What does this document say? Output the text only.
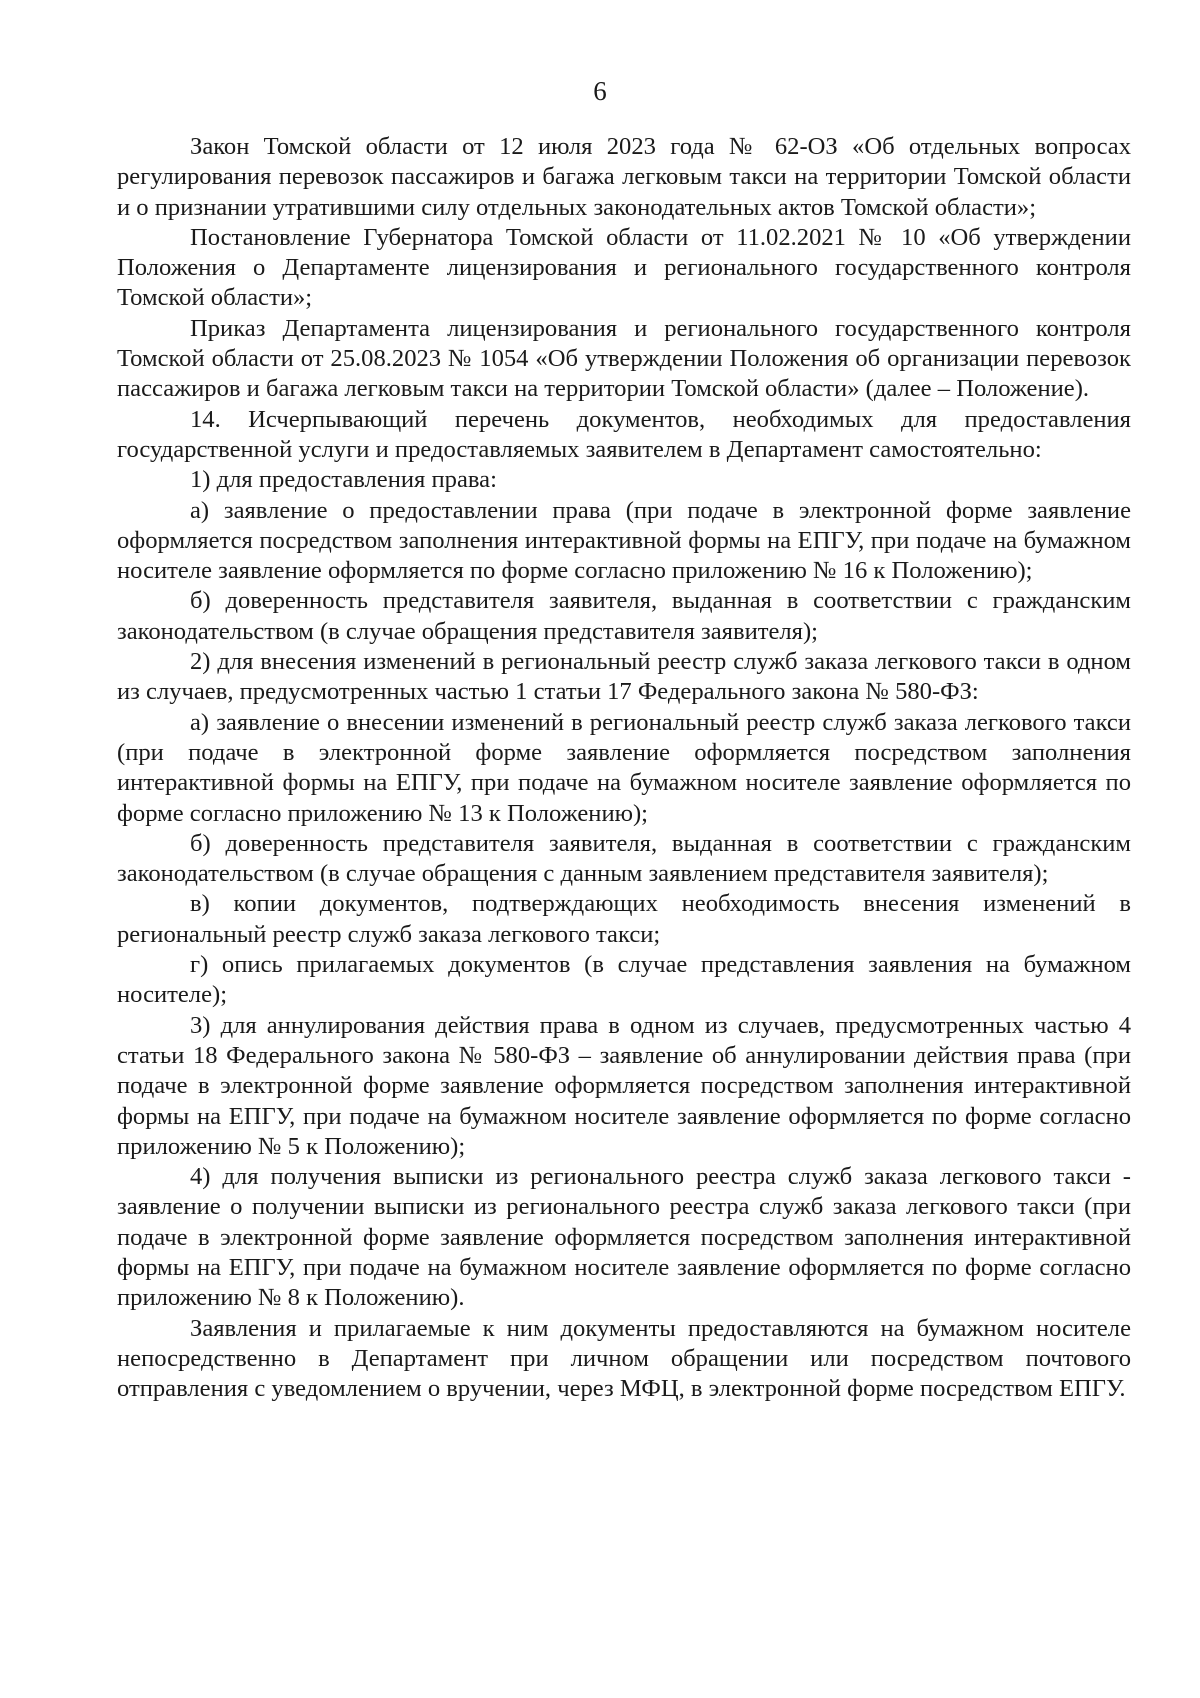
6

Закон Томской области от 12 июля 2023 года № 62-ОЗ «Об отдельных вопросах регулирования перевозок пассажиров и багажа легковым такси на территории Томской области и о признании утратившими силу отдельных законодательных актов Томской области»;

Постановление Губернатора Томской области от 11.02.2021 № 10 «Об утверждении Положения о Департаменте лицензирования и регионального государственного контроля Томской области»;

Приказ Департамента лицензирования и регионального государственного контроля Томской области от 25.08.2023 № 1054 «Об утверждении Положения об организации перевозок пассажиров и багажа легковым такси на территории Томской области» (далее – Положение).

14. Исчерпывающий перечень документов, необходимых для предоставления государственной услуги и предоставляемых заявителем в Департамент самостоятельно:

1) для предоставления права:

а) заявление о предоставлении права (при подаче в электронной форме заявление оформляется посредством заполнения интерактивной формы на ЕПГУ, при подаче на бумажном носителе заявление оформляется по форме согласно приложению № 16 к Положению);

б) доверенность представителя заявителя, выданная в соответствии с гражданским законодательством (в случае обращения представителя заявителя);

2) для внесения изменений в региональный реестр служб заказа легкового такси в одном из случаев, предусмотренных частью 1 статьи 17 Федерального закона № 580-ФЗ:

а) заявление о внесении изменений в региональный реестр служб заказа легкового такси (при подаче в электронной форме заявление оформляется посредством заполнения интерактивной формы на ЕПГУ, при подаче на бумажном носителе заявление оформляется по форме согласно приложению № 13 к Положению);

б) доверенность представителя заявителя, выданная в соответствии с гражданским законодательством (в случае обращения с данным заявлением представителя заявителя);

в) копии документов, подтверждающих необходимость внесения изменений в региональный реестр служб заказа легкового такси;

г) опись прилагаемых документов (в случае представления заявления на бумажном носителе);

3) для аннулирования действия права в одном из случаев, предусмотренных частью 4 статьи 18 Федерального закона № 580-ФЗ – заявление об аннулировании действия права (при подаче в электронной форме заявление оформляется посредством заполнения интерактивной формы на ЕПГУ, при подаче на бумажном носителе заявление оформляется по форме согласно приложению № 5 к Положению);

4) для получения выписки из регионального реестра служб заказа легкового такси - заявление о получении выписки из регионального реестра служб заказа легкового такси (при подаче в электронной форме заявление оформляется посредством заполнения интерактивной формы на ЕПГУ, при подаче на бумажном носителе заявление оформляется по форме согласно приложению № 8 к Положению).

Заявления и прилагаемые к ним документы предоставляются на бумажном носителе непосредственно в Департамент при личном обращении или посредством почтового отправления с уведомлением о вручении, через МФЦ, в электронной форме посредством ЕПГУ.
